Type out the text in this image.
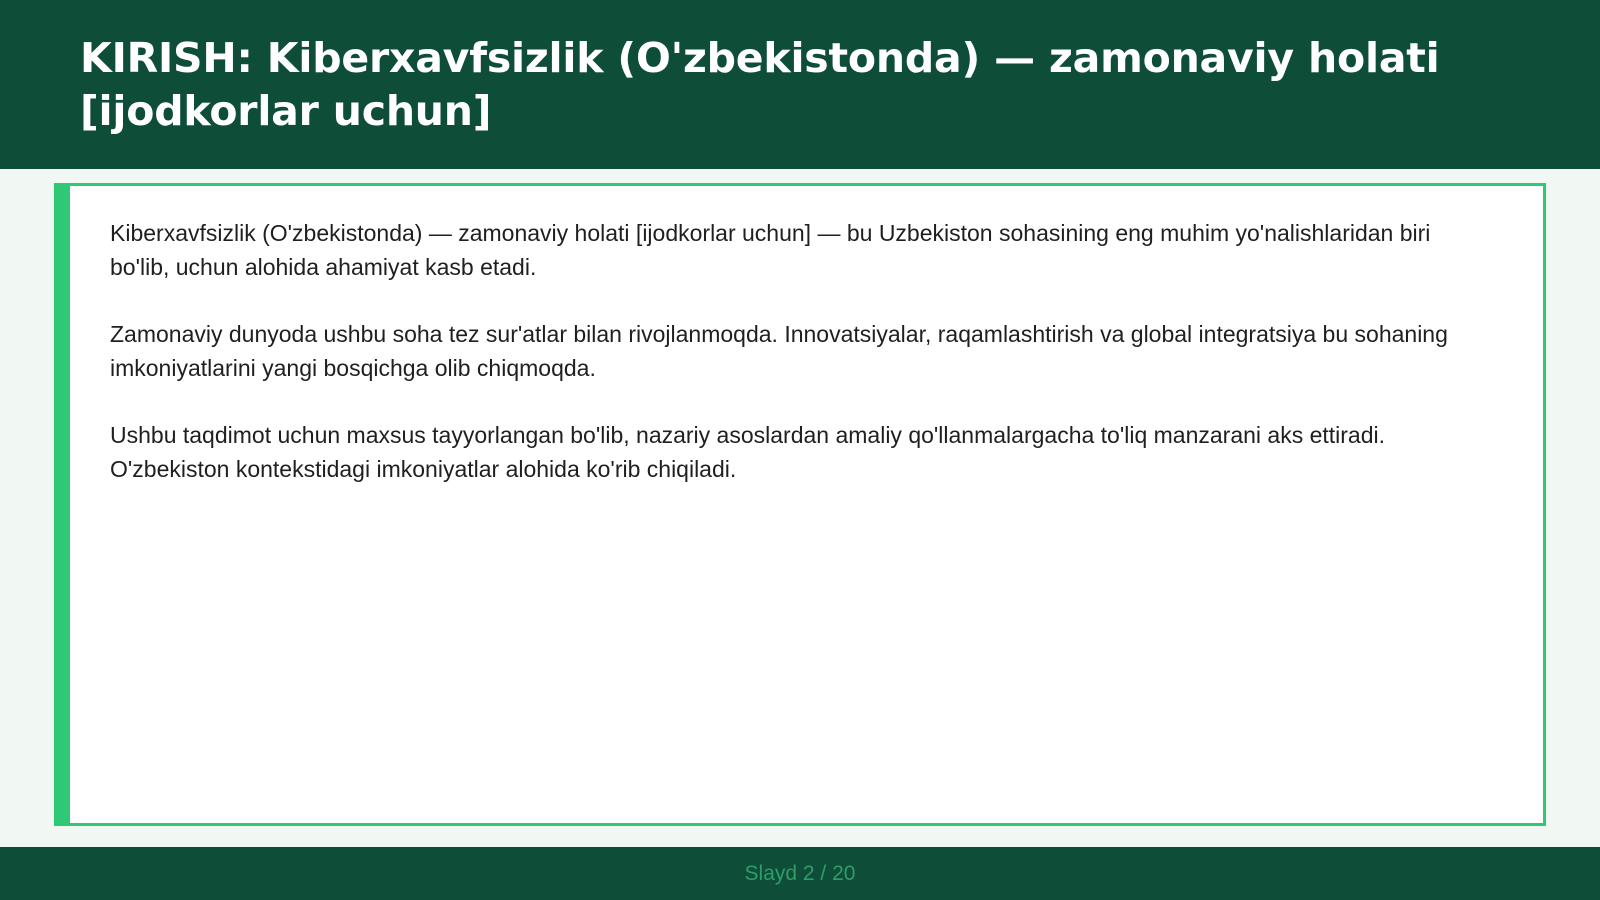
KIRISH: Kiberxavfsizlik (O'zbekistonda) — zamonaviy holati [ijodkorlar uchun]

Kiberxavfsizlik (O'zbekistonda) — zamonaviy holati [ijodkorlar uchun] — bu Uzbekiston sohasining eng muhim yo'nalishlaridan biri bo'lib, uchun alohida ahamiyat kasb etadi.

Zamonaviy dunyoda ushbu soha tez sur'atlar bilan rivojlanmoqda. Innovatsiyalar, raqamlashtirish va global integratsiya bu sohaning imkoniyatlarini yangi bosqichga olib chiqmoqda.

Ushbu taqdimot uchun maxsus tayyorlangan bo'lib, nazariy asoslardan amaliy qo'llanmalargacha to'liq manzarani aks ettiradi. O'zbekiston kontekstidagi imkoniyatlar alohida ko'rib chiqiladi.

Slayd 2 / 20
